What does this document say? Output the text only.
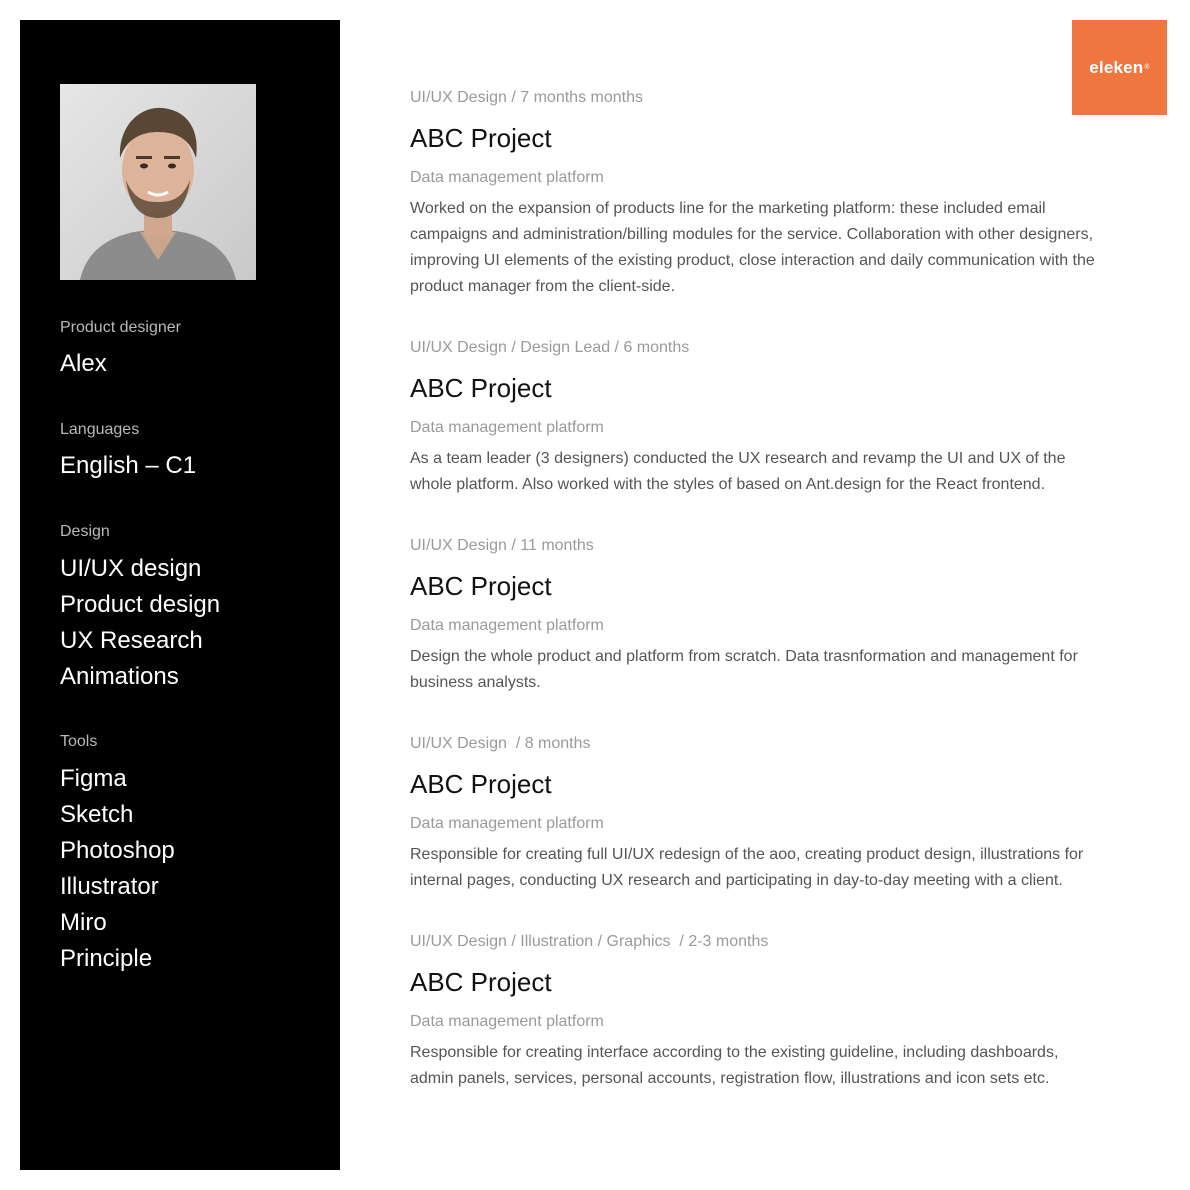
Product designer

Alex

Languages

English – C1

Design

UI/UX design
Product design
UX Research
Animations

Tools

Figma
Sketch
Photoshop
Illustrator
Miro
Principle
eleken ®

UI/UX Design / 7 months months

ABC Project

Data management platform

Worked on the expansion of products line for the marketing platform: these included email campaigns and administration/billing modules for the service. Collaboration with other designers, improving UI elements of the existing product, close interaction and daily communication with the product manager from the client-side.

UI/UX Design / Design Lead / 6 months

ABC Project

Data management platform

As a team leader (3 designers) conducted the UX research and revamp the UI and UX of the whole platform. Also worked with the styles of based on Ant.design for the React frontend.

UI/UX Design / 11 months

ABC Project

Data management platform

Design the whole product and platform from scratch. Data trasnformation and management for business analysts.

UI/UX Design  / 8 months

ABC Project

Data management platform

Responsible for creating full UI/UX redesign of the aoo, creating product design, illustrations for internal pages, conducting UX research and participating in day-to-day meeting with a client.

UI/UX Design / Illustration / Graphics  / 2-3 months

ABC Project

Data management platform

Responsible for creating interface according to the existing guideline, including dashboards, admin panels, services, personal accounts, registration flow, illustrations and icon sets etc.
